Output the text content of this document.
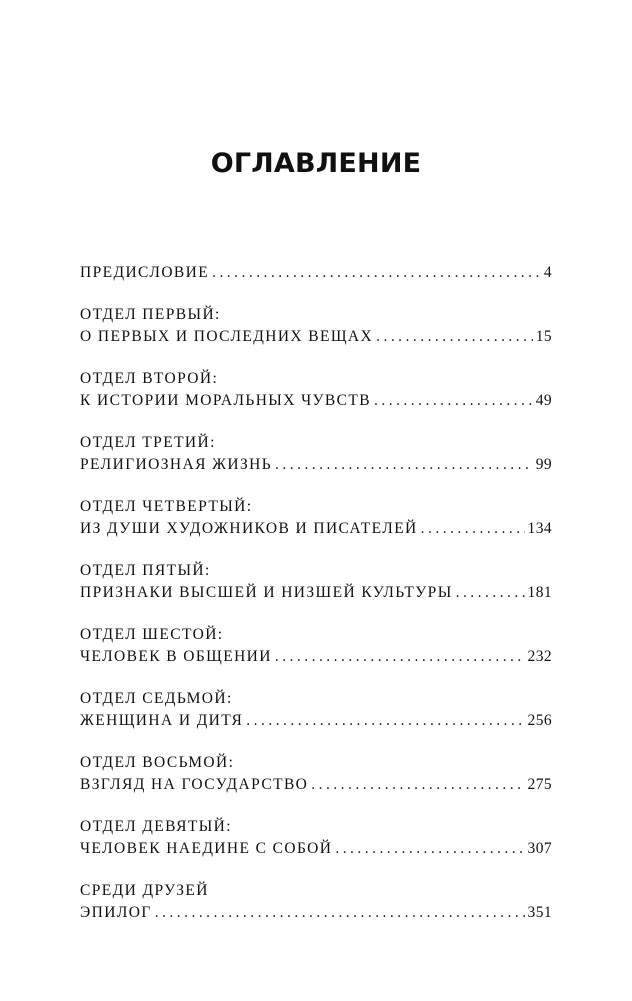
ОГЛАВЛЕНИЕ
ПРЕДИСЛОВИЕ . . .	4
ОТДЕЛ ПЕРВЫЙ:
О ПЕРВЫХ И ПОСЛЕДНИХ ВЕЩАХ . . .	15
ОТДЕЛ ВТОРОЙ:
К ИСТОРИИ МОРАЛЬНЫХ ЧУВСТВ . . .	49
ОТДЕЛ ТРЕТИЙ:
РЕЛИГИОЗНАЯ ЖИЗНЬ . . .	99
ОТДЕЛ ЧЕТВЕРТЫЙ:
ИЗ ДУШИ ХУДОЖНИКОВ И ПИСАТЕЛЕЙ . . .	134
ОТДЕЛ ПЯТЫЙ:
ПРИЗНАКИ ВЫСШЕЙ И НИЗШЕЙ КУЛЬТУРЫ . . .	181
ОТДЕЛ ШЕСТОЙ:
ЧЕЛОВЕК В ОБЩЕНИИ . . .	232
ОТДЕЛ СЕДЬМОЙ:
ЖЕНЩИНА И ДИТЯ . . .	256
ОТДЕЛ ВОСЬМОЙ:
ВЗГЛЯД НА ГОСУДАРСТВО . . .	275
ОТДЕЛ ДЕВЯТЫЙ:
ЧЕЛОВЕК НАЕДИНЕ С СОБОЙ . . .	307
СРЕДИ ДРУЗЕЙ
ЭПИЛОГ . . .	351
